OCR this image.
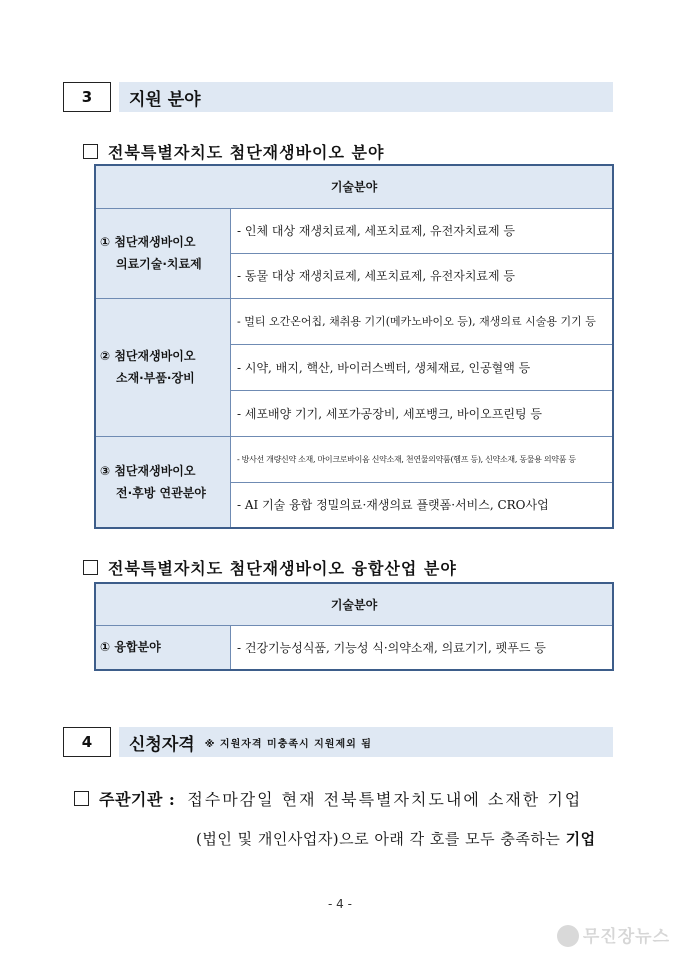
3	지원 분야
전북특별자치도 첨단재생바이오 분야
기술분야	
① 첨단재생바이오
의료기술·치료제	- 인체 대상 재생치료제, 세포치료제, 유전자치료제 등
	- 동물 대상 재생치료제, 세포치료제, 유전자치료제 등
② 첨단재생바이오
소재·부품·장비	- 멀티 오간온어칩, 채취용 기기(메카노바이오 등), 재생의료 시술용 기기 등
	- 시약, 배지, 핵산, 바이러스벡터, 생체재료, 인공혈액 등
	- 세포배양 기기, 세포가공장비, 세포뱅크, 바이오프린팅 등
③ 첨단재생바이오
전·후방 연관분야	- 방사선 개량신약 소재, 마이크로바이옴 신약소재, 천연물의약품(헴프 등), 신약소재, 동물용 의약품 등
	- AI 기술 융합 정밀의료·재생의료 플랫폼·서비스, CRO사업
전북특별자치도 첨단재생바이오 융합산업 분야
기술분야
① 융합분야	- 건강기능성식품, 기능성 식·의약소재, 의료기기, 펫푸드 등
4	신청자격 ※ 지원자격 미충족시 지원제외 됨
주관기관 : 접수마감일 현재 전북특별자치도내에 소재한 기업
(법인 및 개인사업자)으로 아래 각 호를 모두 충족하는 기업
- 4 -
무진장뉴스
